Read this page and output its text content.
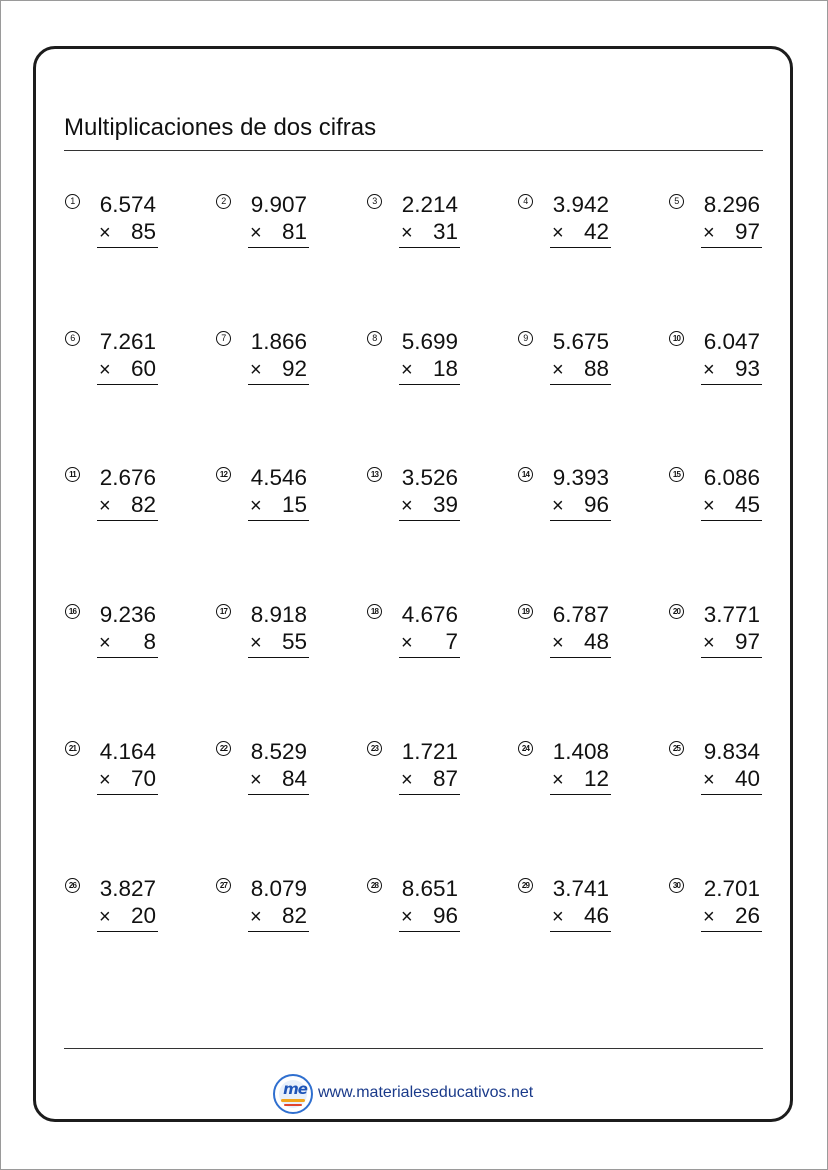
Multiplicaciones de dos cifras
1 6.574
× 85
2 9.907
× 81
3 2.214
× 31
4 3.942
× 42
5 8.296
× 97
6 7.261
× 60
7 1.866
× 92
8 5.699
× 18
9 5.675
× 88
10 6.047
× 93
11 2.676
× 82
12 4.546
× 15
13 3.526
× 39
14 9.393
× 96
15 6.086
× 45
16 9.236
×	8
17 8.918
× 55
18 4.676
×	7
19 6.787
× 48
20 3.771
× 97
21 4.164
× 70
22 8.529
× 84
23 1.721
× 87
24 1.408
× 12
25 9.834
× 40
26 3.827
× 20
27 8.079
× 82
28 8.651
× 96
29 3.741
× 46
30 2.701
× 26
me www.materialeseducativos.net
